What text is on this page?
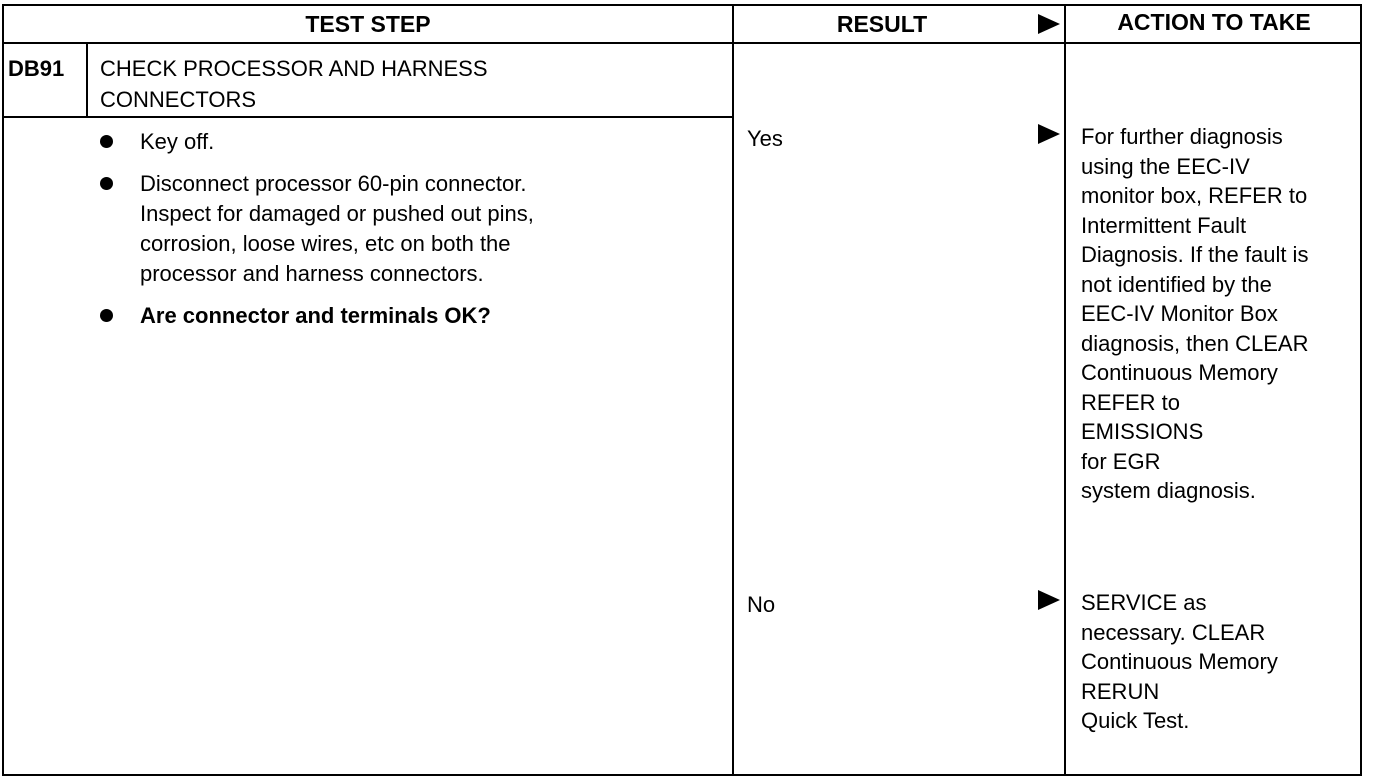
TEST STEP	RESULT	ACTION TO TAKE
DB91 CHECK PROCESSOR AND HARNESS
CONNECTORS
Key off.
Disconnect processor 60-pin connector.
Inspect for damaged or pushed out pins,
corrosion, loose wires, etc on both the
processor and harness connectors.
Are connector and terminals OK?
Yes	For further diagnosis
using the EEC-IV
monitor box, REFER to
Intermittent Fault
Diagnosis. If the fault is
not identified by the
EEC-IV Monitor Box
diagnosis, then CLEAR
Continuous Memory
REFER to
EMISSIONS
for EGR
system diagnosis.
No	SERVICE as
necessary. CLEAR
Continuous Memory
RERUN
Quick Test.
